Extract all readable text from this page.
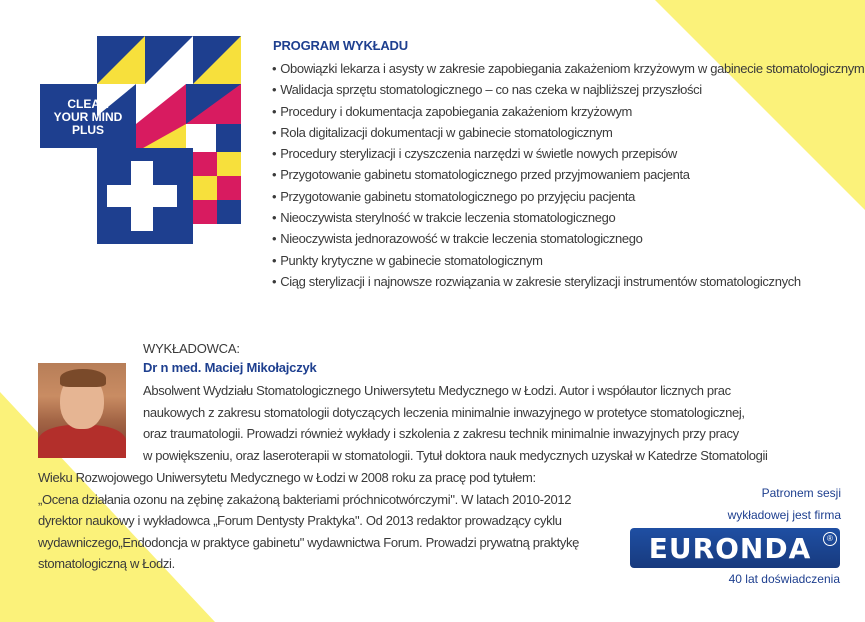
CLEAR
YOUR MIND
PLUS
PROGRAM WYKŁADU
• Obowiązki lekarza i asysty w zakresie zapobiegania zakażeniom krzyżowym w gabinecie stomatologicznym
• Walidacja sprzętu stomatologicznego – co nas czeka w najbliższej przyszłości
• Procedury i dokumentacja zapobiegania zakażeniom krzyżowym
• Rola digitalizacji dokumentacji w gabinecie stomatologicznym
• Procedury sterylizacji i czyszczenia narzędzi w świetle nowych przepisów
• Przygotowanie gabinetu stomatologicznego przed przyjmowaniem pacjenta
• Przygotowanie gabinetu stomatologicznego po przyjęciu pacjenta
• Nieoczywista sterylność w trakcie leczenia stomatologicznego
• Nieoczywista jednorazowość w trakcie leczenia stomatologicznego
• Punkty krytyczne w gabinecie stomatologicznym
• Ciąg sterylizacji i najnowsze rozwiązania w zakresie sterylizacji instrumentów stomatologicznych
WYKŁADOWCA:
Dr n med. Maciej Mikołajczyk
Absolwent Wydziału Stomatologicznego Uniwersytetu Medycznego w Łodzi. Autor i współautor licznych prac
naukowych z zakresu stomatologii dotyczących leczenia minimalnie inwazyjnego w protetyce stomatologicznej,
oraz traumatologii. Prowadzi również wykłady i szkolenia z zakresu technik minimalnie inwazyjnych przy pracy
w powiększeniu, oraz laseroterapii w stomatologii. Tytuł doktora nauk medycznych uzyskał w Katedrze Stomatologii
Wieku Rozwojowego Uniwersytetu Medycznego w Łodzi w 2008 roku za pracę pod tytułem:
„Ocena działania ozonu na zębinę zakażoną bakteriami próchnicotwórczymi". W latach 2010-2012
dyrektor naukowy i wykładowca „Forum Dentysty Praktyka". Od 2013 redaktor prowadzący cyklu
wydawniczego„Endodoncja w praktyce gabinetu" wydawnictwa Forum. Prowadzi prywatną praktykę
stomatologiczną w Łodzi.
Patronem sesji
wykładowej jest firma
EURONDA	®
40 lat doświadczenia
